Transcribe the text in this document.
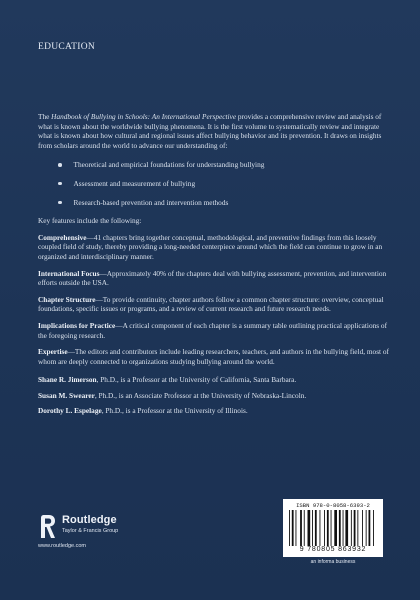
EDUCATION

The Handbook of Bullying in Schools: An International Perspective provides a comprehensive review and analysis of what is known about the worldwide bullying phenomena. It is the first volume to systematically review and integrate what is known about how cultural and regional issues affect bullying behavior and its prevention. It draws on insights from scholars around the world to advance our understanding of:

Theoretical and empirical foundations for understanding bullying
Assessment and measurement of bullying
Research-based prevention and intervention methods

Key features include the following:

Comprehensive—41 chapters bring together conceptual, methodological, and preventive findings from this loosely coupled field of study, thereby providing a long-needed centerpiece around which the field can continue to grow in an organized and interdisciplinary manner.

International Focus—Approximately 40% of the chapters deal with bullying assessment, prevention, and intervention efforts outside the USA.

Chapter Structure—To provide continuity, chapter authors follow a common chapter structure: overview, conceptual foundations, specific issues or programs, and a review of current research and future research needs.

Implications for Practice—A critical component of each chapter is a summary table outlining practical applications of the foregoing research.

Expertise—The editors and contributors include leading researchers, teachers, and authors in the bullying field, most of whom are deeply connected to organizations studying bullying around the world.

Shane R. Jimerson, Ph.D., is a Professor at the University of California, Santa Barbara.

Susan M. Swearer, Ph.D., is an Associate Professor at the University of Nebraska-Lincoln.

Dorothy L. Espelage, Ph.D., is a Professor at the University of Illinois.

Routledge
Taylor & Francis Group
www.routledge.com
ISBN 978-0-8058-6393-2
9 780805 863932
an informa business
